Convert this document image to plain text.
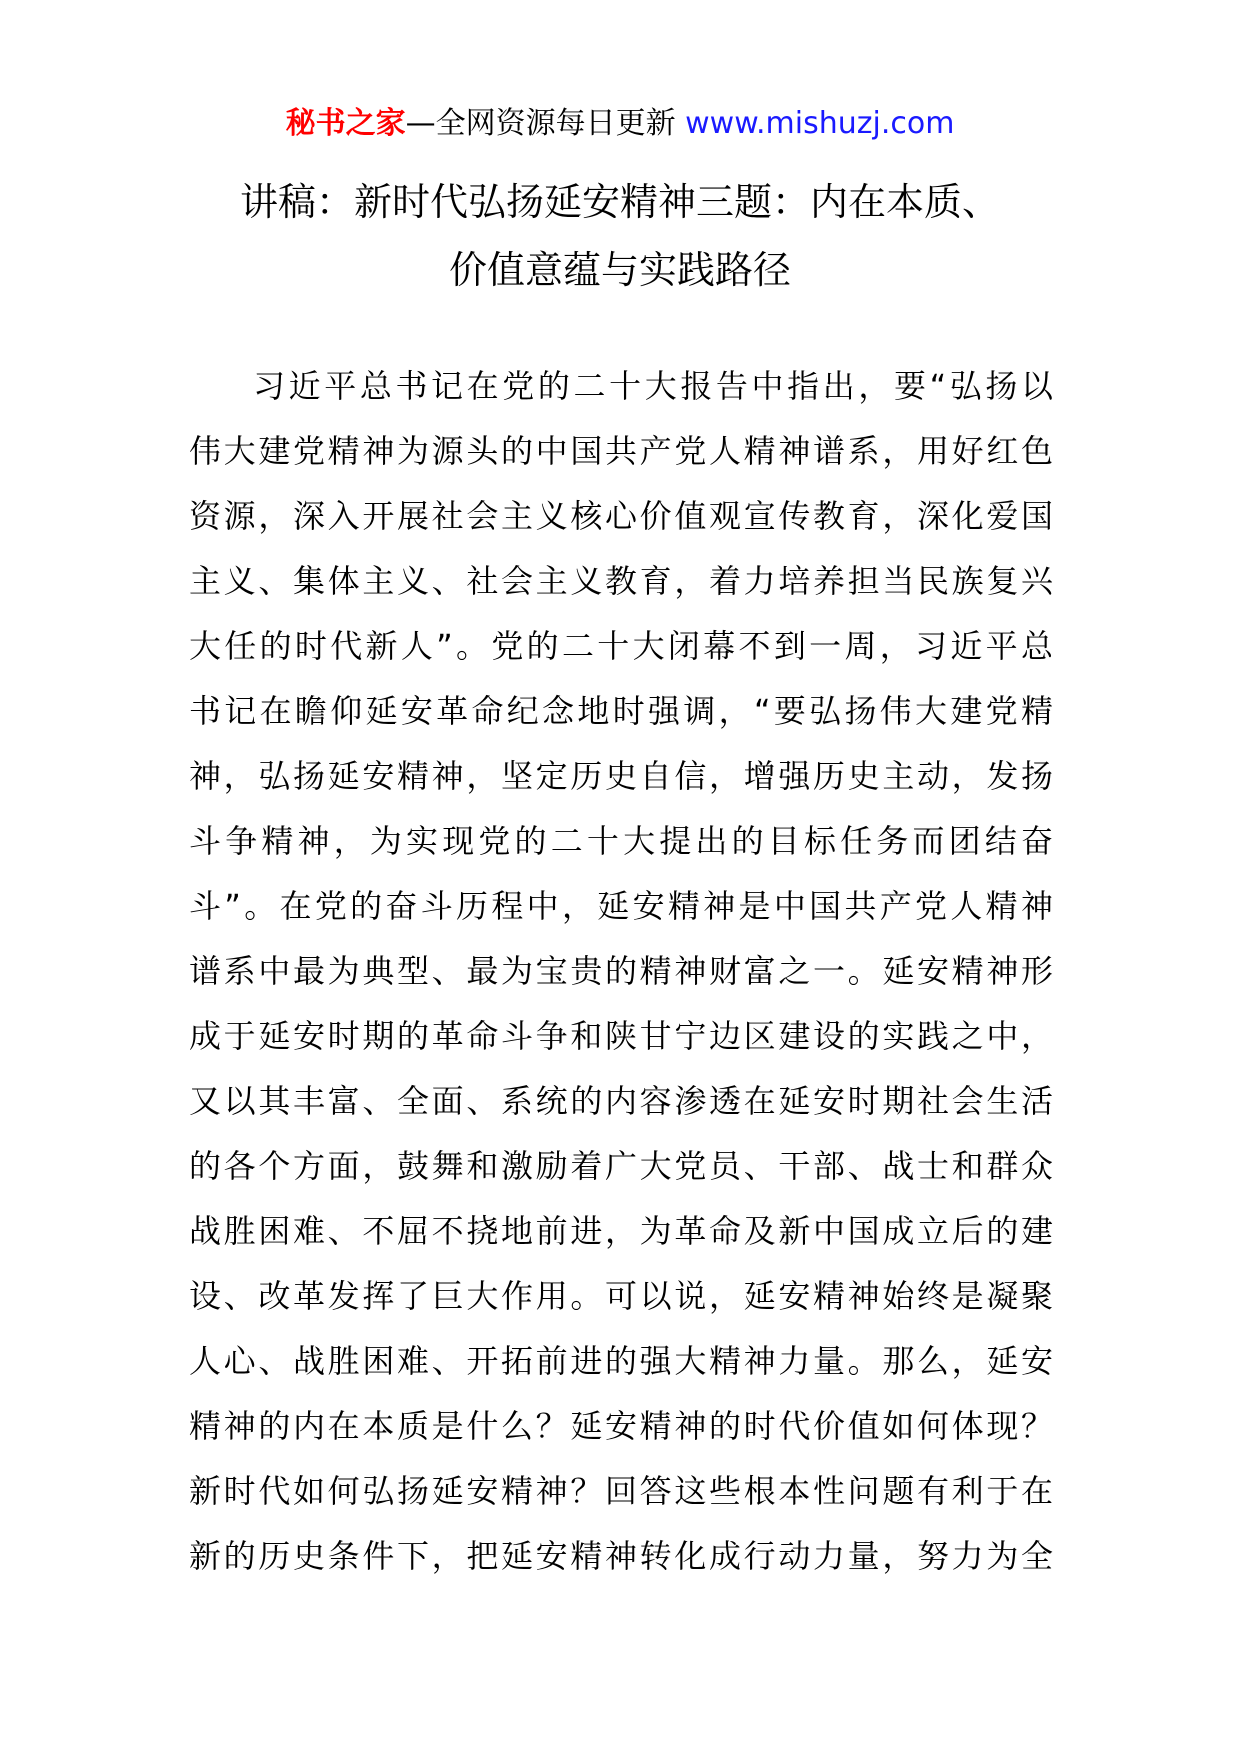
秘书之家—全网资源每日更新 www.mishuzj.com
讲稿：新时代弘扬延安精神三题：内在本质、
价值意蕴与实践路径
习近平总书记在党的二十大报告中指出，要“弘扬以
伟大建党精神为源头的中国共产党人精神谱系，用好红色
资源，深入开展社会主义核心价值观宣传教育，深化爱国
主义、集体主义、社会主义教育，着力培养担当民族复兴
大任的时代新人”。党的二十大闭幕不到一周，习近平总
书记在瞻仰延安革命纪念地时强调，“要弘扬伟大建党精
神，弘扬延安精神，坚定历史自信，增强历史主动，发扬
斗争精神，为实现党的二十大提出的目标任务而团结奋
斗”。在党的奋斗历程中，延安精神是中国共产党人精神
谱系中最为典型、最为宝贵的精神财富之一。延安精神形
成于延安时期的革命斗争和陕甘宁边区建设的实践之中，
又以其丰富、全面、系统的内容渗透在延安时期社会生活
的各个方面，鼓舞和激励着广大党员、干部、战士和群众
战胜困难、不屈不挠地前进，为革命及新中国成立后的建
设、改革发挥了巨大作用。可以说，延安精神始终是凝聚
人心、战胜困难、开拓前进的强大精神力量。那么，延安
精神的内在本质是什么？延安精神的时代价值如何体现？
新时代如何弘扬延安精神？回答这些根本性问题有利于在
新的历史条件下，把延安精神转化成行动力量，努力为全
